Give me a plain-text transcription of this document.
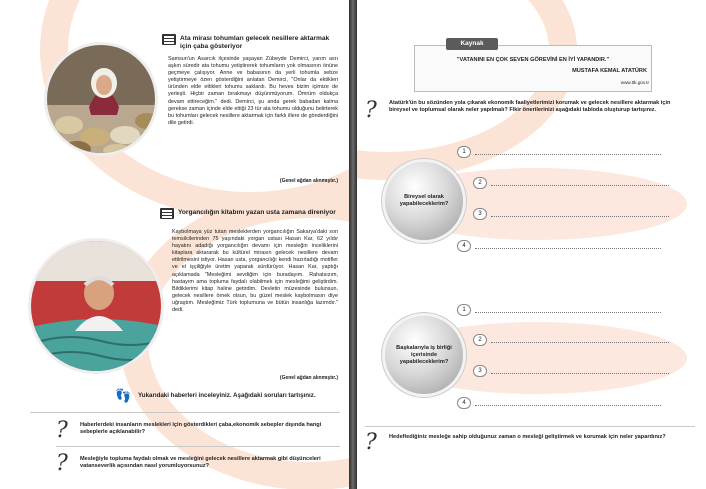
Ata mirası tohumları gelecek nesillere aktarmak için çaba gösteriyor
Samsun'un Asarcık ilçesinde yaşayan Zübeyde Demirci, yarım asrı aşkın süredir ata tohumu yetiştirerek tohumların yok olmasının önüne geçmeye çalışıyor. Anne ve babasının da yerli tohumla sebze yetiştirmeye özen gösterdiğini anlatan Demirci, "Onlar da ektikleri üründen elde ettikleri tohumu saklardı. Bu heves bizim içimize de yerleşti. Hiçbir zaman bırakmayı düşünmüyorum. Ömrüm oldukça devam ettireceğim." dedi. Demirci, şu anda gerek babadan kalma gerekse zaman içinde elde ettiği 23 tür ata tohumu olduğunu belirterek bu tohumları gelecek nesillere aktarmak için farklı illere de gönderdiğini dile getirdi.
(Genel ağdan alınmıştır.)
Yorgancılığın kitabını yazan usta zamana direniyor
Kaybolmaya yüz tutan mesleklerden yorgancılığın Sakarya'daki son temsilcilerinden 75 yaşındaki yorgan ustası Hasan Kar, 62 yıldır hayatını adadığı yorgancılığın devamı için mesleğin inceliklerini kitaplara aktararak bu kültürel mirasın gelecek nesillere devam ettirilmesini istiyor. Hasan usta, yorgancılığı kendi hazırladığı motifler ve el işçiliğiyle üretim yaparak sürdürüyor. Hasan Kar, yaptığı açıklamada "Mesleğimi sevdiğim için buradayım. Rahatsızım, hastayım ama topluma faydalı olabilmek için mesleğimi geliştirdim. Bildiklerimi kitap haline getirdim. Devletin müzesinde bulunsun, gelecek nesillere örnek olsun, bu güzel meslek kaybolmasın diye uğraştım. Mesleğimiz Türk toplumuna ve bütün insanlığa lazımdır." dedi.
(Genel ağdan alınmıştır.)
👣 Yukarıdaki haberleri inceleyiniz. Aşağıdaki soruları tartışınız.
? Haberlerdeki insanların meslekleri için gösterdikleri çaba,ekonomik sebepler dışında hangi sebeplerle açıklanabilir?
? Mesleğiyle topluma faydalı olmak ve mesleğini gelecek nesillere aktarmak gibi düşünceleri vatanseverlik açısından nasıl yorumluyorsunuz?
Kaynak
"VATANINI EN ÇOK SEVEN GÖREVİNİ EN İYİ YAPANDIR."
MUSTAFA KEMAL ATATÜRK
www.ttk.gov.tr
? Atatürk'ün bu sözünden yola çıkarak ekonomik faaliyetlerimizi korumak ve gelecek nesillere aktarmak için bireysel ve toplumsal olarak neler yapılmalı? Fikir önerilerinizi aşağıdaki tabloda oluşturup tartışınız.
Bireysel olarak yapabileceklerim?
1
2
3
4
Başkalarıyla iş birliği içerisinde yapabileceklerim?
1
2
3
4
? Hedeflediğiniz mesleğe sahip olduğunuz zaman o mesleği geliştirmek ve korumak için neler yapardınız?
